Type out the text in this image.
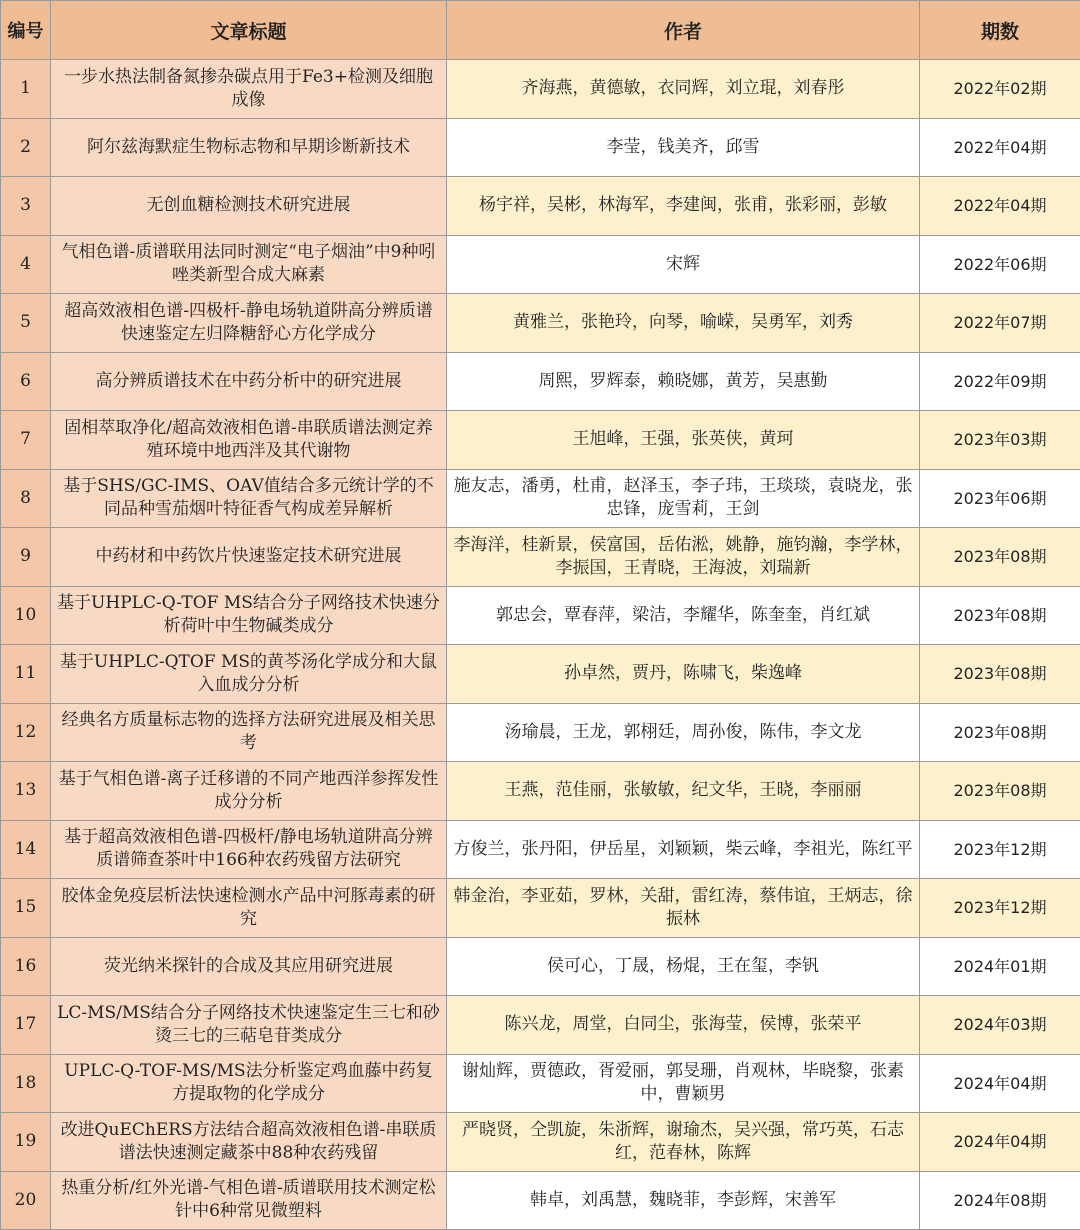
编号	文章标题	作者	期数
1	一步水热法制备氮掺杂碳点用于Fe3+检测及细胞成像	齐海燕，黄德敏，衣同辉，刘立琨，刘春彤	2022年02期
2	阿尔兹海默症生物标志物和早期诊断新技术	李莹，钱美齐，邱雪	2022年04期
3	无创血糖检测技术研究进展	杨宇祥，吴彬，林海军，李建闽，张甫，张彩丽，彭敏	2022年04期
4	气相色谱-质谱联用法同时测定“电子烟油”中9种吲唑类新型合成大麻素	宋辉	2022年06期
5	超高效液相色谱-四极杆-静电场轨道阱高分辨质谱快速鉴定左归降糖舒心方化学成分	黄雅兰，张艳玲，向琴，喻嵘，吴勇军，刘秀	2022年07期
6	高分辨质谱技术在中药分析中的研究进展	周熙，罗辉泰，赖晓娜，黄芳，吴惠勤	2022年09期
7	固相萃取净化/超高效液相色谱-串联质谱法测定养殖环境中地西泮及其代谢物	王旭峰，王强，张英侠，黄珂	2023年03期
8	基于SHS/GC-IMS、OAV值结合多元统计学的不同品种雪茄烟叶特征香气构成差异解析	施友志，潘勇，杜甫，赵泽玉，李子玮，王琰琰，袁晓龙，张忠锋，庞雪莉，王剑	2023年06期
9	中药材和中药饮片快速鉴定技术研究进展	李海洋，桂新景，侯富国，岳佑淞，姚静，施钧瀚，李学林，李振国，王青晓，王海波，刘瑞新	2023年08期
10	基于UHPLC-Q-TOF MS结合分子网络技术快速分析荷叶中生物碱类成分	郭忠会，覃春萍，梁洁，李耀华，陈奎奎，肖红斌	2023年08期
11	基于UHPLC-QTOF MS的黄芩汤化学成分和大鼠入血成分分析	孙卓然，贾丹，陈啸飞，柴逸峰	2023年08期
12	经典名方质量标志物的选择方法研究进展及相关思考	汤瑜晨，王龙，郭栩廷，周孙俊，陈伟，李文龙	2023年08期
13	基于气相色谱-离子迁移谱的不同产地西洋参挥发性成分分析	王燕，范佳丽，张敏敏，纪文华，王晓，李丽丽	2023年08期
14	基于超高效液相色谱-四极杆/静电场轨道阱高分辨质谱筛查茶叶中166种农药残留方法研究	方俊兰，张丹阳，伊岳星，刘颖颖，柴云峰，李祖光，陈红平	2023年12期
15	胶体金免疫层析法快速检测水产品中河豚毒素的研究	韩金治，李亚茹，罗林，关甜，雷红涛，蔡伟谊，王炳志，徐振林	2023年12期
16	荧光纳米探针的合成及其应用研究进展	侯可心，丁晟，杨焜，王在玺，李钒	2024年01期
17	LC-MS/MS结合分子网络技术快速鉴定生三七和砂烫三七的三萜皂苷类成分	陈兴龙，周堂，白同尘，张海莹，侯博，张荣平	2024年03期
18	UPLC-Q-TOF-MS/MS法分析鉴定鸡血藤中药复方提取物的化学成分	谢灿辉，贾德政，胥爱丽，郭旻珊，肖观林，毕晓黎，张素中，曹颖男	2024年04期
19	改进QuEChERS方法结合超高效液相色谱-串联质谱法快速测定藏茶中88种农药残留	严晓贤，仝凯旋，朱浙辉，谢瑜杰，吴兴强，常巧英，石志红，范春林，陈辉	2024年04期
20	热重分析/红外光谱-气相色谱-质谱联用技术测定松针中6种常见微塑料	韩卓，刘禹慧，魏晓菲，李彭辉，宋善军	2024年08期
